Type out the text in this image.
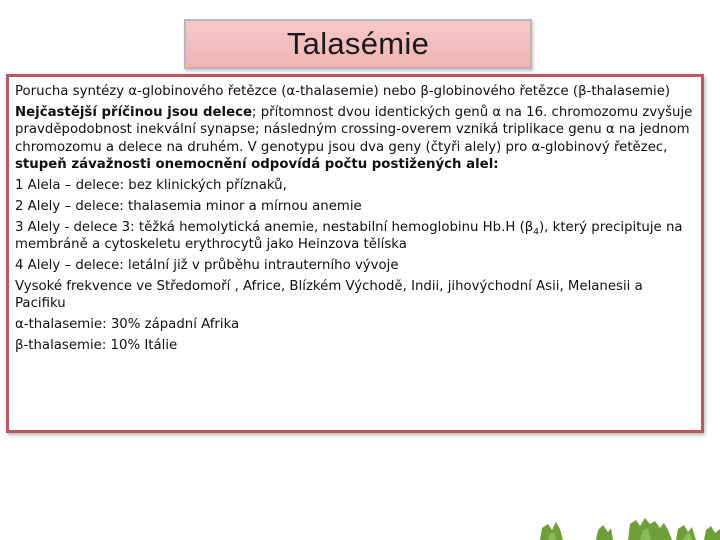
Talasémie

Porucha syntézy α-globinového řetězce (α-thalasemie) nebo β-globinového řetězce (β-thalasemie)

Nejčastější příčinou jsou delece; přítomnost dvou identických genů α na 16. chromozomu zvyšuje pravděpodobnost inekvální synapse; následným crossing-overem vzniká triplikace genu α na jednom chromozomu a delece na druhém. V genotypu jsou dva geny (čtyři alely) pro α-globinový řetězec, stupeň závažnosti onemocnění odpovídá počtu postižených alel:

1 Alela – delece: bez klinických příznaků,

2 Alely – delece: thalasemia minor a mírnou anemie

3 Alely - delece 3: těžká hemolytická anemie, nestabilní hemoglobinu Hb.H $(\beta_4)$, který precipituje na membráně a cytoskeletu erythrocytů jako Heinzova tělíska

4 Alely – delece: letální již v průběhu intrauterního vývoje

Vysoké frekvence ve Středomoří , Africe, Blízkém Východě, Indii, jihovýchodní Asii, Melanesii a Pacifiku

α-thalasemie: 30% západní Afrika

β-thalasemie: 10% Itálie
